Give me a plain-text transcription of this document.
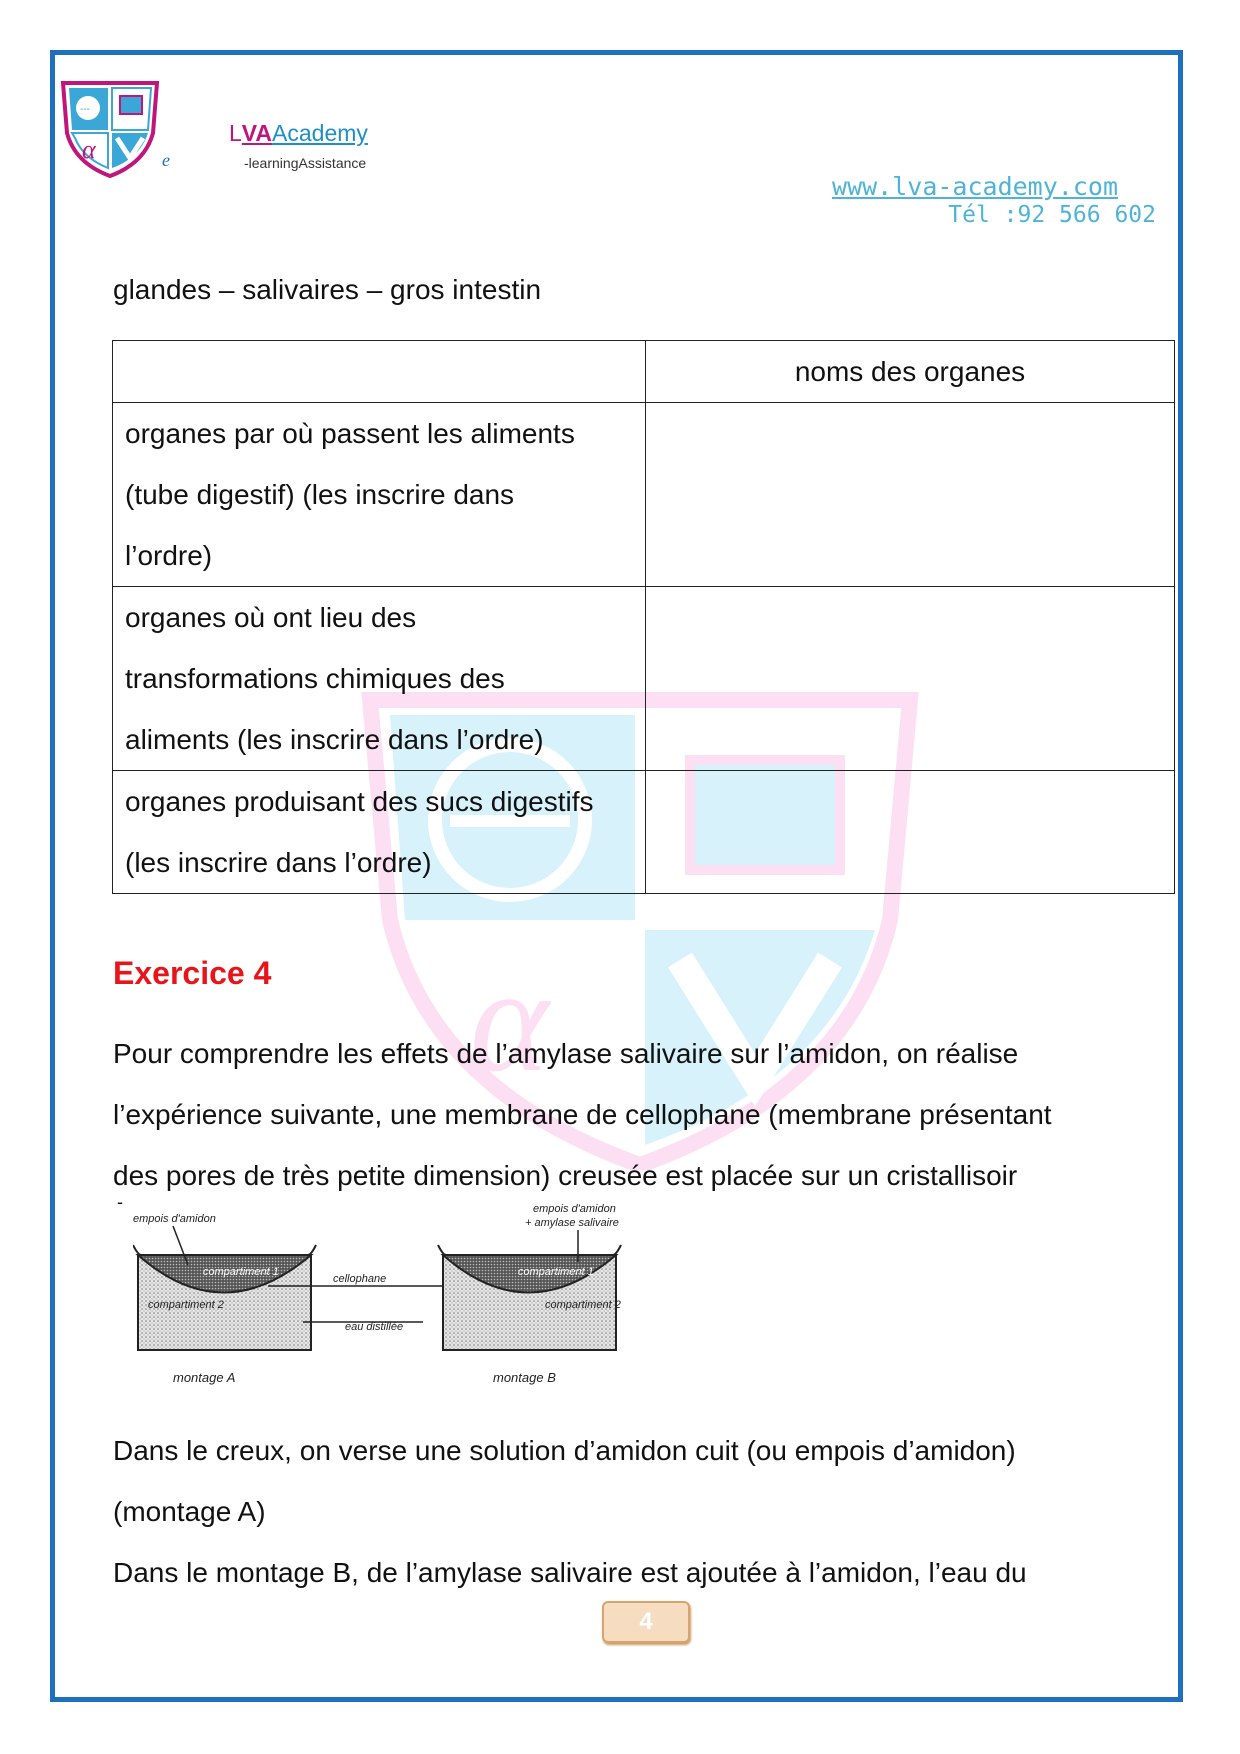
---
α	e
LVAAcademy
-learningAssistance
www.lva-academy.com
Tél :92 566 602
α
glandes – salivaires – gros intestin
	noms des organes

organes par où passent les aliments
(tube digestif) (les inscrire dans
l’ordre)	

organes où ont lieu des
transformations chimiques des
aliments (les inscrire dans l’ordre)	

organes produisant des sucs digestifs
(les inscrire dans l’ordre)	

Exercice 4
Pour comprendre les effets de l’amylase salivaire sur l’amidon, on réalise
l’expérience suivante, une membrane de cellophane (membrane présentant
des pores de très petite dimension) creusée est placée sur un cristallisoir
-
empois d'amidon
compartiment 1
compartiment 2
montage A
cellophane
eau distillée
empois d'amidon
+ amylase salivaire
compartiment 1
compartiment 2
montage B
Dans le creux, on verse une solution d’amidon cuit (ou empois d’amidon)
(montage A)
Dans le montage B, de l’amylase salivaire est ajoutée à l’amidon, l’eau du
4
